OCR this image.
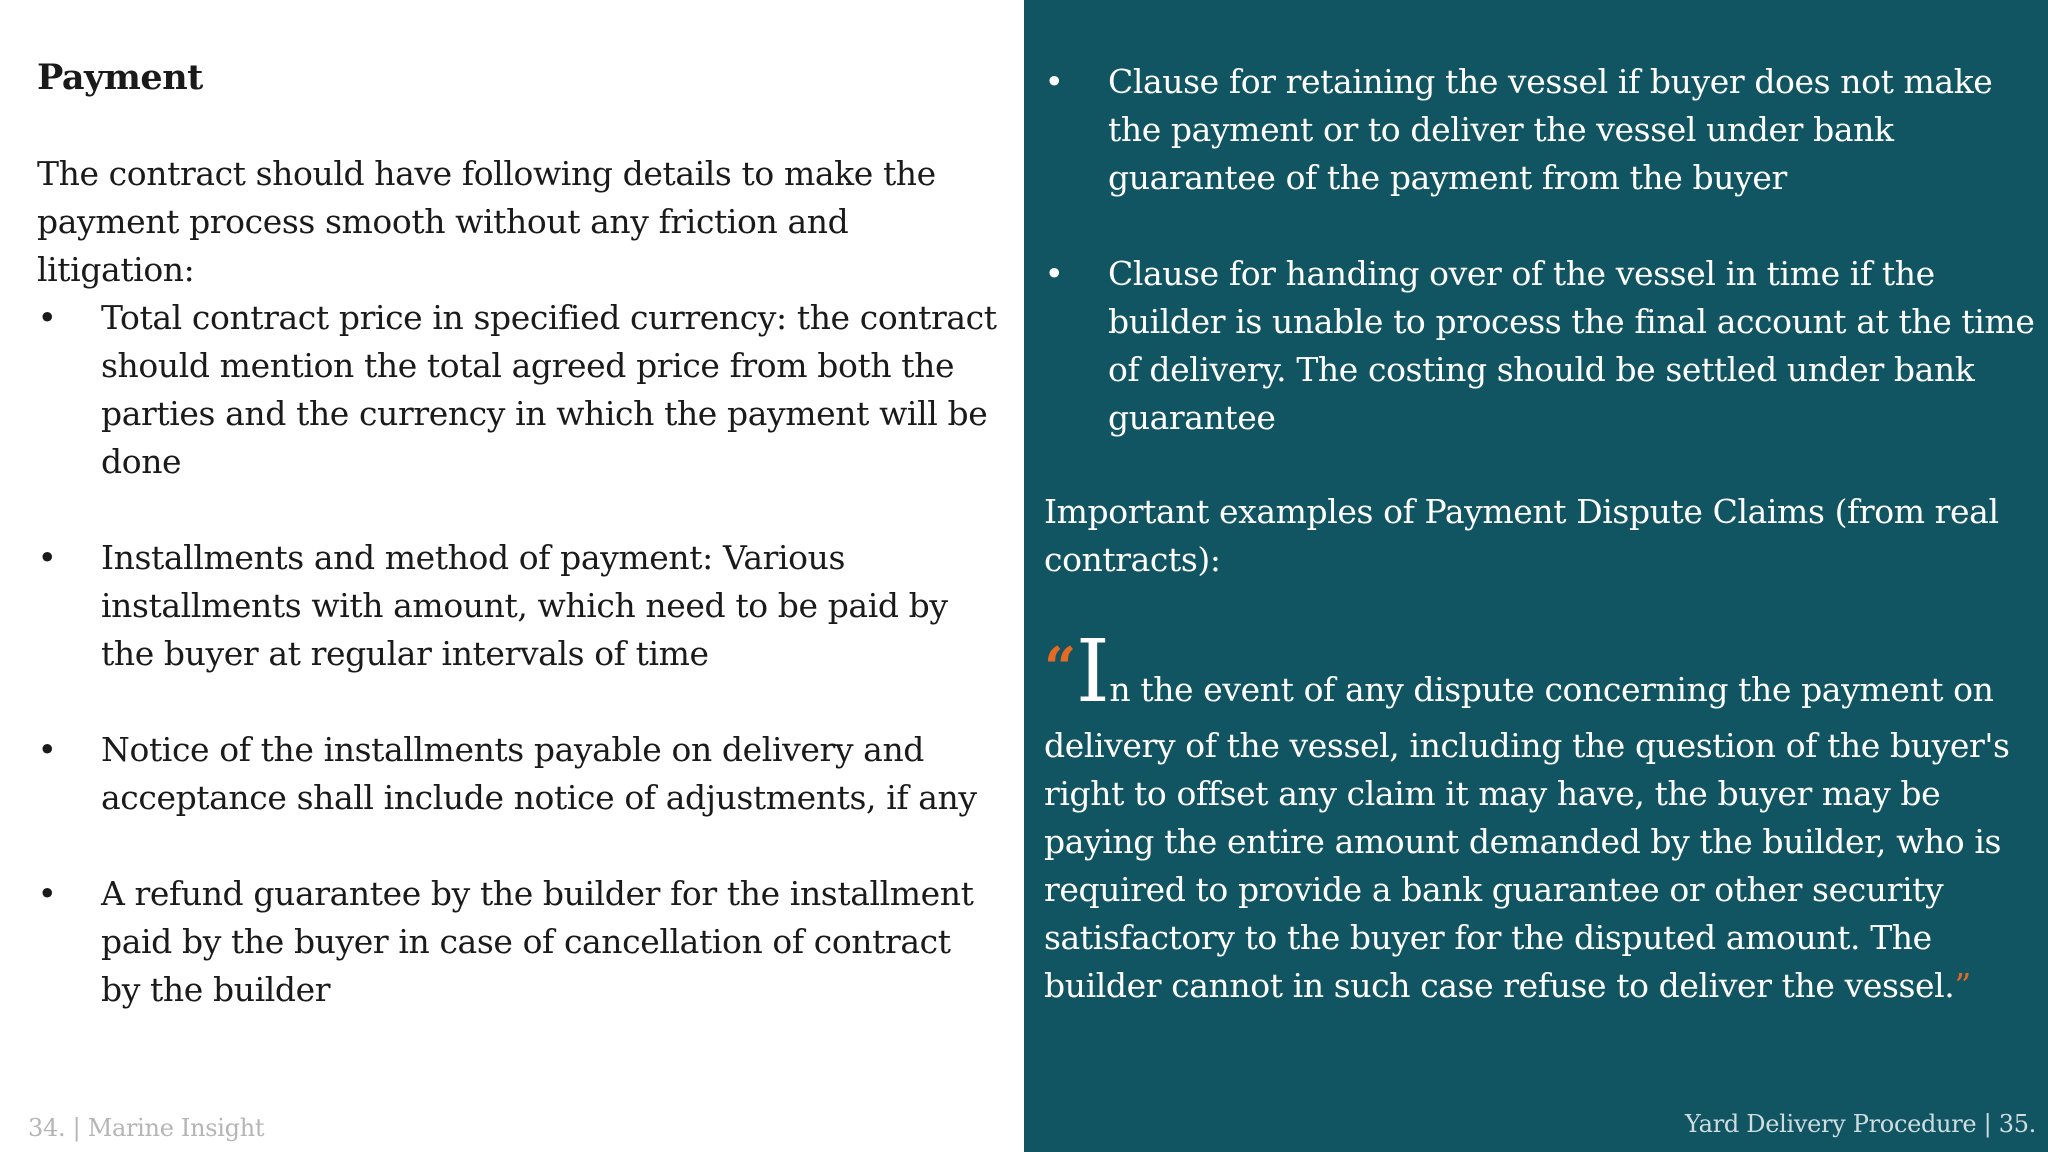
Payment
The contract should have following details to make the payment process smooth without any friction and litigation:
• Total contract price in specified currency: the contract should mention the total agreed price from both the parties and the currency in which the payment will be done
• Installments and method of payment: Various installments with amount, which need to be paid by the buyer at regular intervals of time
• Notice of the installments payable on delivery and acceptance shall include notice of adjustments, if any
• A refund guarantee by the builder for the installment paid by the buyer in case of cancellation of contract by the builder
34. | Marine Insight
• Clause for retaining the vessel if buyer does not make the payment or to deliver the vessel under bank guarantee of the payment from the buyer
• Clause for handing over of the vessel in time if the builder is unable to process the final account at the time of delivery. The costing should be settled under bank guarantee
Important examples of Payment Dispute Claims (from real contracts):
“In the event of any dispute concerning the payment on
delivery of the vessel, including the question of the buyer's right to offset any claim it may have, the buyer may be paying the entire amount demanded by the builder, who is required to provide a bank guarantee or other security satisfactory to the buyer for the disputed amount. The builder cannot in such case refuse to deliver the vessel.”
Yard Delivery Procedure | 35.
